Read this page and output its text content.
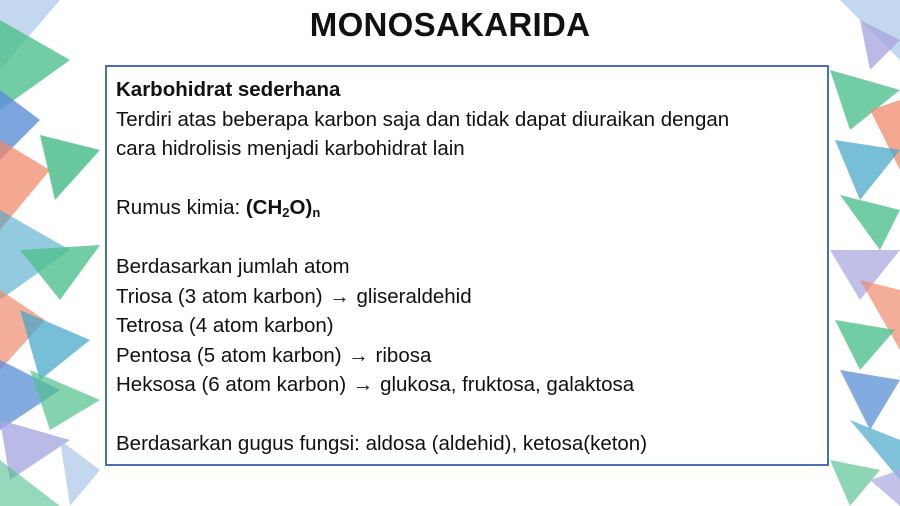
MONOSAKARIDA
Karbohidrat sederhana
Terdiri atas beberapa karbon saja dan tidak dapat diuraikan dengan
cara hidrolisis menjadi karbohidrat lain
Rumus kimia: $(CH_2O)_n$
Berdasarkan jumlah atom
Triosa (3 atom karbon) → gliseraldehid
Tetrosa (4 atom karbon)
Pentosa (5 atom karbon) → ribosa
Heksosa (6 atom karbon) → glukosa, fruktosa, galaktosa
Berdasarkan gugus fungsi: aldosa (aldehid), ketosa(keton)
